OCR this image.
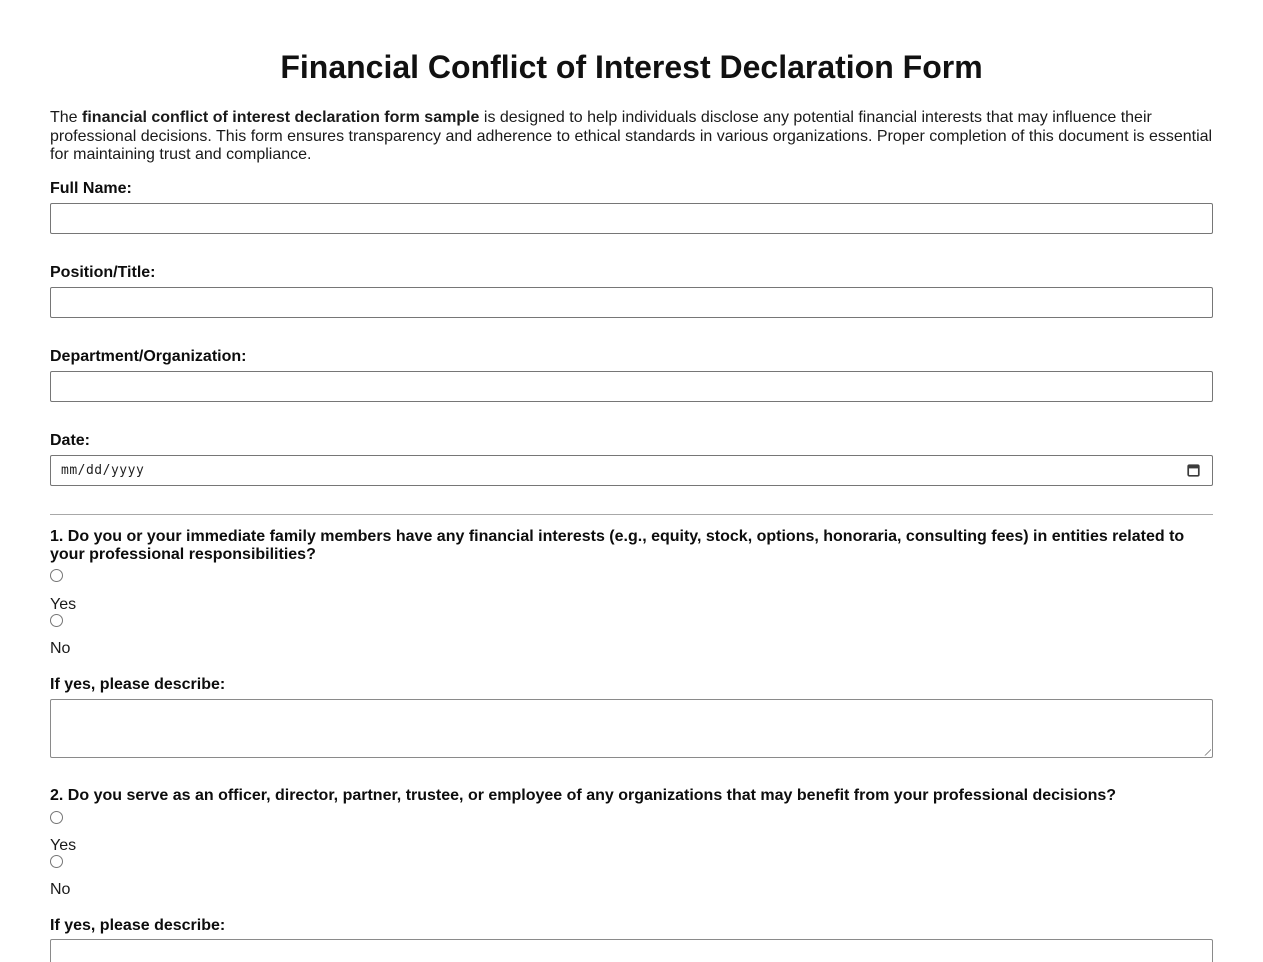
Financial Conflict of Interest Declaration Form

The financial conflict of interest declaration form sample is designed to help individuals disclose any potential financial interests that may influence their professional decisions. This form ensures transparency and adherence to ethical standards in various organizations. Proper completion of this document is essential for maintaining trust and compliance.

Full Name:
Position/Title:
Department/Organization:
Date:
mm/dd/yyyy

1. Do you or your immediate family members have any financial interests (e.g., equity, stock, options, honoraria, consulting fees) in entities related to your professional responsibilities?

Yes
No

If yes, please describe:

2. Do you serve as an officer, director, partner, trustee, or employee of any organizations that may benefit from your professional decisions?

Yes
No

If yes, please describe:
